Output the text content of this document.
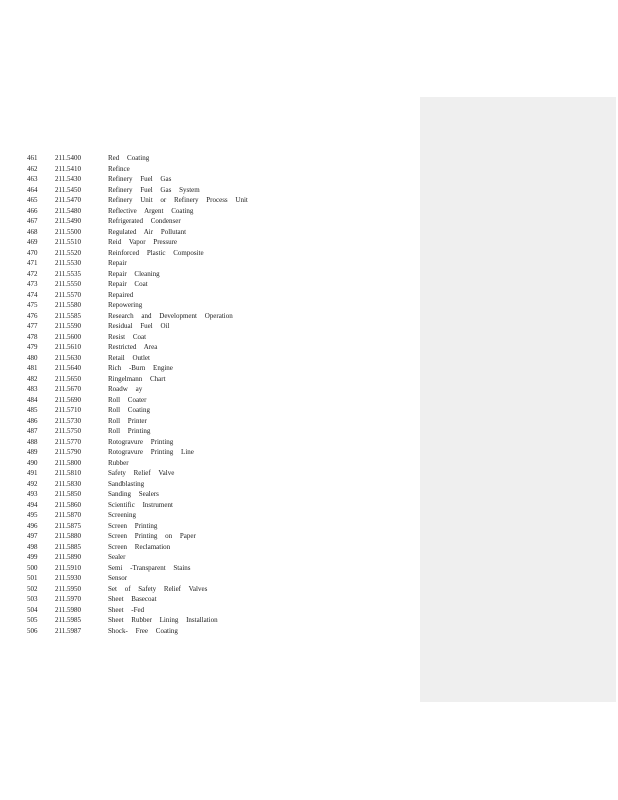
461	211.5400	Red Coating
462	211.5410	Refince
463	211.5430	Refinery Fuel Gas
464	211.5450	Refinery Fuel Gas System
465	211.5470	Refinery Unit or Refinery Process Unit
466	211.5480	Reflective Argent Coating
467	211.5490	Refrigerated Condenser
468	211.5500	Regulated Air Pollutant
469	211.5510	Reid Vapor Pressure
470	211.5520	Reinforced Plastic Composite
471	211.5530	Repair
472	211.5535	Repair Cleaning
473	211.5550	Repair Coat
474	211.5570	Repaired
475	211.5580	Repowering
476	211.5585	Research and Development Operation
477	211.5590	Residual Fuel Oil
478	211.5600	Resist Coat
479	211.5610	Restricted Area
480	211.5630	Retail Outlet
481	211.5640	Rich -Burn Engine
482	211.5650	Ringelmann Chart
483	211.5670	Roadw ay
484	211.5690	Roll Coater
485	211.5710	Roll Coating
486	211.5730	Roll Printer
487	211.5750	Roll Printing
488	211.5770	Rotogravure Printing
489	211.5790	Rotogravure Printing Line
490	211.5800	Rubber
491	211.5810	Safety Relief Valve
492	211.5830	Sandblasting
493	211.5850	Sanding Sealers
494	211.5860	Scientific Instrument
495	211.5870	Screening
496	211.5875	Screen Printing
497	211.5880	Screen Printing on Paper
498	211.5885	Screen Reclamation
499	211.5890	Sealer
500	211.5910	Semi -Transparent Stains
501	211.5930	Sensor
502	211.5950	Set of Safety Relief Valves
503	211.5970	Sheet Basecoat
504	211.5980	Sheet -Fed
505	211.5985	Sheet Rubber Lining Installation
506	211.5987	Shock- Free Coating
